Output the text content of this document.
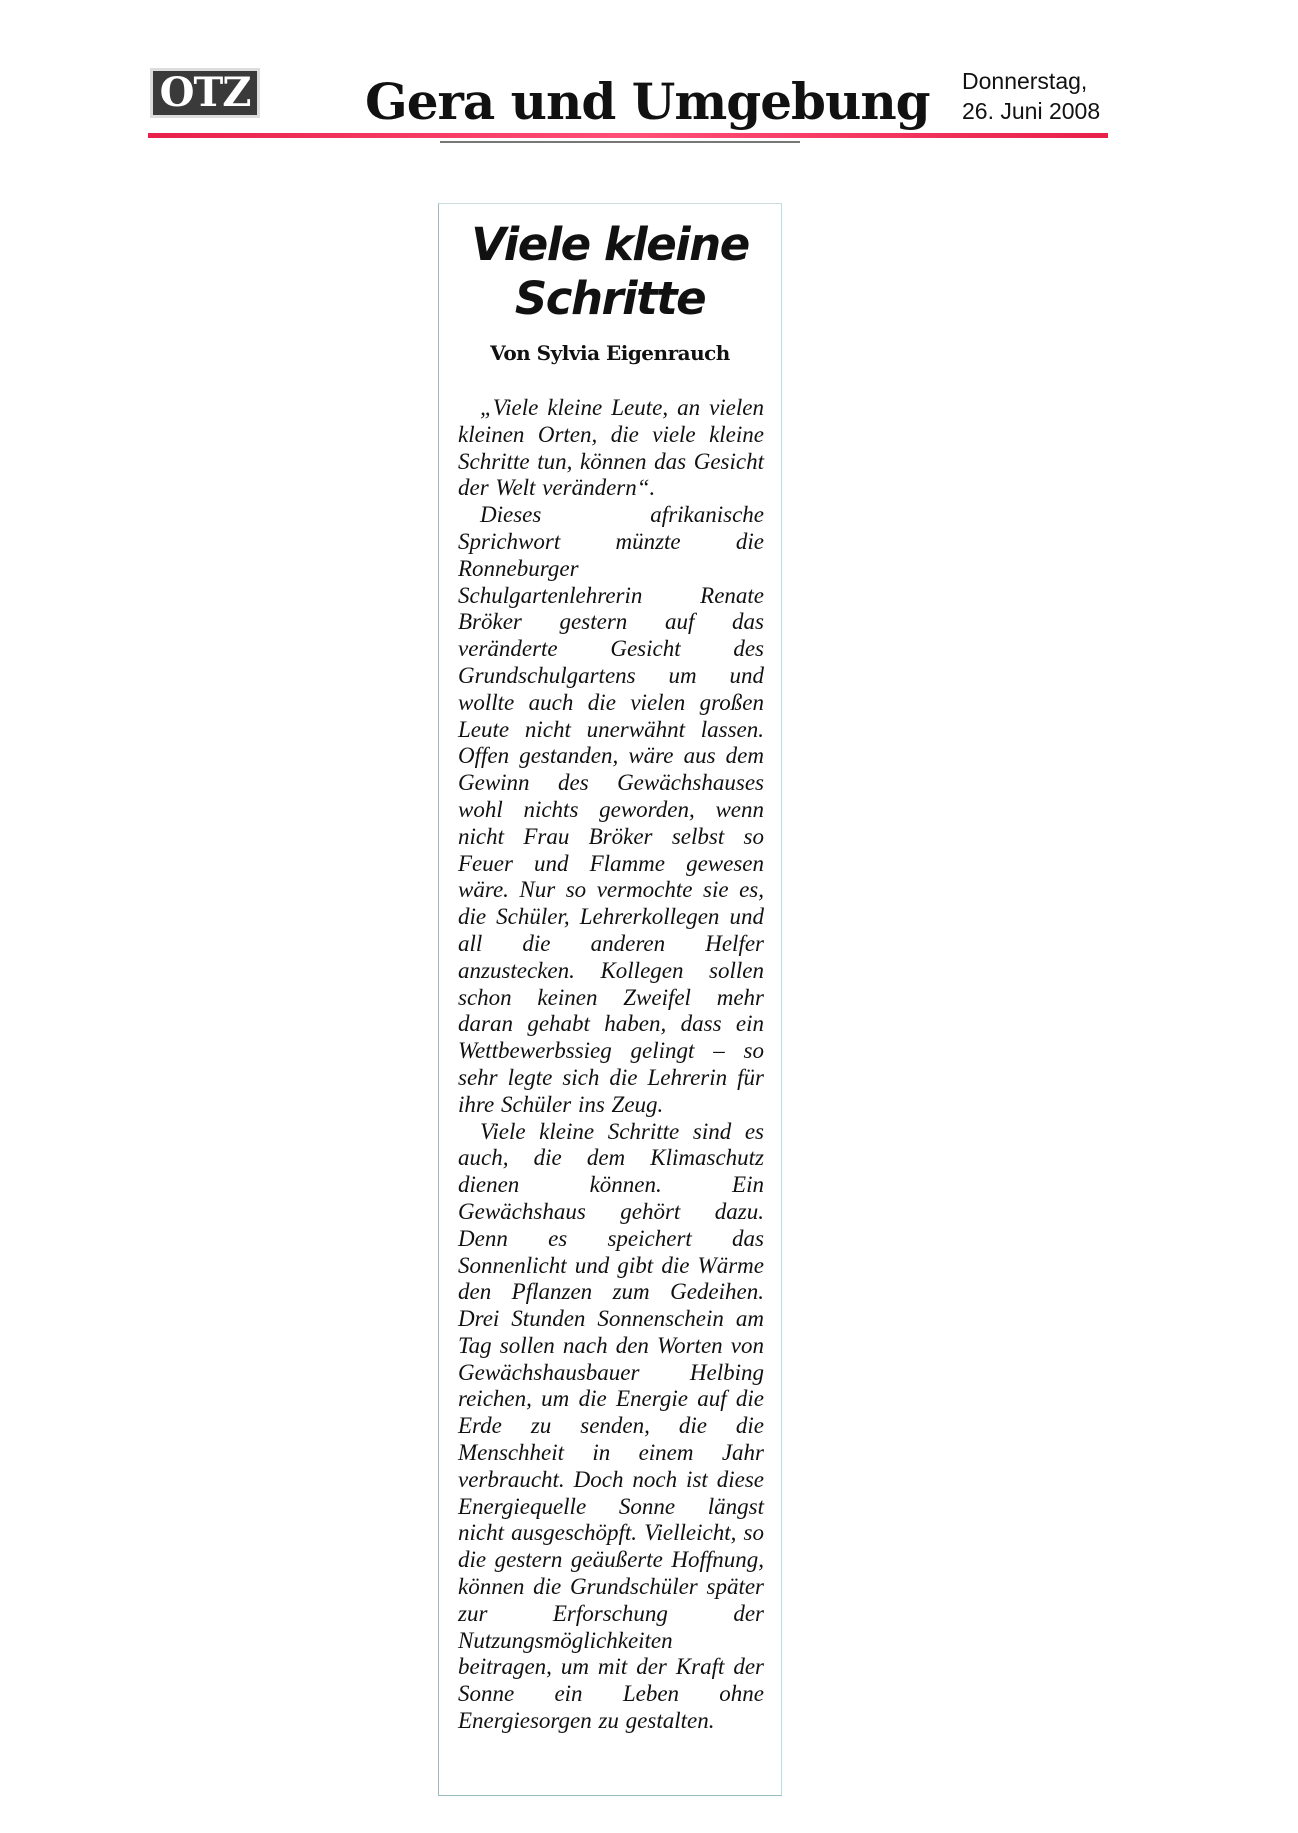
OTZ Gera und Umgebung Donnerstag,
26. Juni 2008
Viele kleine Schritte
Von Sylvia Eigenrauch

„Viele kleine Leute, an vielen kleinen Orten, die viele kleine Schritte tun, können das Gesicht der Welt verändern“.

Dieses afrikanische Sprichwort münzte die Ronneburger Schulgartenlehrerin Renate Bröker gestern auf das veränderte Gesicht des Grundschulgartens um und wollte auch die vielen großen Leute nicht unerwähnt lassen. Offen gestanden, wäre aus dem Gewinn des Gewächshauses wohl nichts geworden, wenn nicht Frau Bröker selbst so Feuer und Flamme gewesen wäre. Nur so vermochte sie es, die Schüler, Lehrerkollegen und all die anderen Helfer anzustecken. Kollegen sollen schon keinen Zweifel mehr daran gehabt haben, dass ein Wettbewerbssieg gelingt – so sehr legte sich die Lehrerin für ihre Schüler ins Zeug.

Viele kleine Schritte sind es auch, die dem Klimaschutz dienen können. Ein Gewächshaus gehört dazu. Denn es speichert das Sonnenlicht und gibt die Wärme den Pflanzen zum Gedeihen. Drei Stunden Sonnenschein am Tag sollen nach den Worten von Gewächshausbauer Helbing reichen, um die Energie auf die Erde zu senden, die die Menschheit in einem Jahr verbraucht. Doch noch ist diese Energiequelle Sonne längst nicht ausgeschöpft. Vielleicht, so die gestern geäußerte Hoffnung, können die Grundschüler später zur Erforschung der Nutzungsmöglichkeiten beitragen, um mit der Kraft der Sonne ein Leben ohne Energiesorgen zu gestalten.
